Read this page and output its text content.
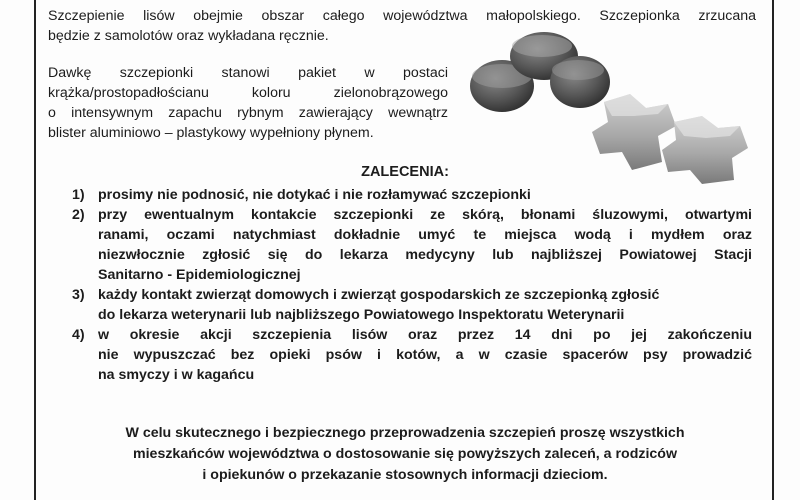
Szczepienie lisów obejmie obszar całego województwa małopolskiego. Szczepionka zrzucana
będzie z samolotów oraz wykładana ręcznie.
Dawkę szczepionki stanowi pakiet w postaci
krążka/prostopadłościanu koloru zielonobrązowego
o intensywnym zapachu rybnym zawierający wewnątrz
blister aluminiowo – plastykowy wypełniony płynem.
ZALECENIA:
1) prosimy nie podnosić, nie dotykać i nie rozłamywać szczepionki
2) przy ewentualnym kontakcie szczepionki ze skórą, błonami śluzowymi, otwartymi
ranami, oczami natychmiast dokładnie umyć te miejsca wodą i mydłem oraz
niezwłocznie zgłosić się do lekarza medycyny lub najbliższej Powiatowej Stacji
Sanitarno - Epidemiologicznej
3) każdy kontakt zwierząt domowych i zwierząt gospodarskich ze szczepionką zgłosić
do lekarza weterynarii lub najbliższego Powiatowego Inspektoratu Weterynarii
4) w okresie akcji szczepienia lisów oraz przez 14 dni po jej zakończeniu
nie wypuszczać bez opieki psów i kotów, a w czasie spacerów psy prowadzić
na smyczy i w kagańcu
W celu skutecznego i bezpiecznego przeprowadzenia szczepień proszę wszystkich
mieszkańców województwa o dostosowanie się powyższych zaleceń, a rodziców
i opiekunów o przekazanie stosownych informacji dzieciom.
